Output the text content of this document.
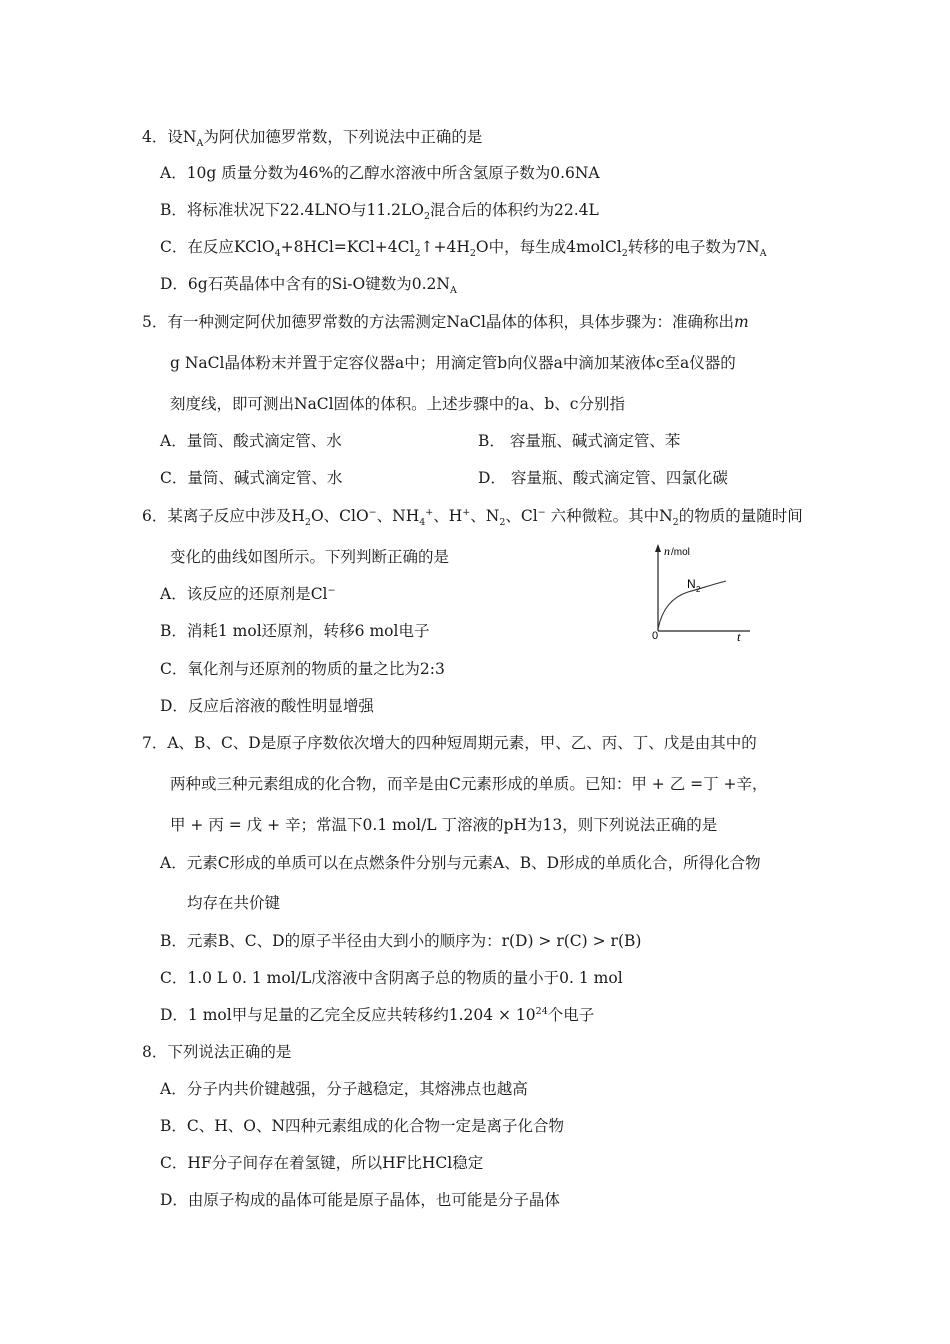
4．设$N_A$为阿伏加德罗常数，下列说法中正确的是
A．10g 质量分数为46%的乙醇水溶液中所含氢原子数为0.6NA
B．将标准状况下22.4LNO与$11.2LO_2$混合后的体积约为22.4L
C．在反应$KClO_4+8HCl=KCl+4Cl_2↑+4H_2O$中，每生成4molCl$_2$转移的电子数为$7N_A$
D．6g石英晶体中含有的Si-O键数为$0.2N_A$
5．有一种测定阿伏加德罗常数的方法需测定NaCl晶体的体积，具体步骤为：准确称出m
g NaCl晶体粉末并置于定容仪器a中；用滴定管b向仪器a中滴加某液体c至a仪器的
刻度线，即可测出NaCl固体的体积。上述步骤中的a、b、c分别指
A．量筒、酸式滴定管、水	B． 容量瓶、碱式滴定管、苯
C．量筒、碱式滴定管、水	D． 容量瓶、酸式滴定管、四氯化碳
6．某离子反应中涉及$H_2O$、ClO−、$NH_4^+$、H+、$N_2$、Cl− 六种微粒。其中$N_2$的物质的量随时间
变化的曲线如图所示。下列判断正确的是
A．该反应的还原剂是Cl−
B．消耗1 mol还原剂，转移6 mol电子
C．氧化剂与还原剂的物质的量之比为2:3
D．反应后溶液的酸性明显增强
n /mol
N 2
0	t
7．A、B、C、D是原子序数依次增大的四种短周期元素，甲、乙、丙、丁、戊是由其中的
两种或三种元素组成的化合物，而辛是由C元素形成的单质。已知：甲 + 乙 =丁 +辛，
甲 + 丙 = 戊 + 辛；常温下0.1 mol/L 丁溶液的pH为13，则下列说法正确的是
A．元素C形成的单质可以在点燃条件分别与元素A、B、D形成的单质化合，所得化合物
均存在共价键
B．元素B、C、D的原子半径由大到小的顺序为：r(D) > r(C) > r(B)
C．1.0 L 0. 1 mol/L戊溶液中含阴离子总的物质的量小于0. 1 mol
D．1 mol甲与足量的乙完全反应共转移约$1.204 \times 10^{24}$个电子
8．下列说法正确的是
A．分子内共价键越强，分子越稳定，其熔沸点也越高
B．C、H、O、N四种元素组成的化合物一定是离子化合物
C．HF分子间存在着氢键，所以HF比HCl稳定
D．由原子构成的晶体可能是原子晶体，也可能是分子晶体
